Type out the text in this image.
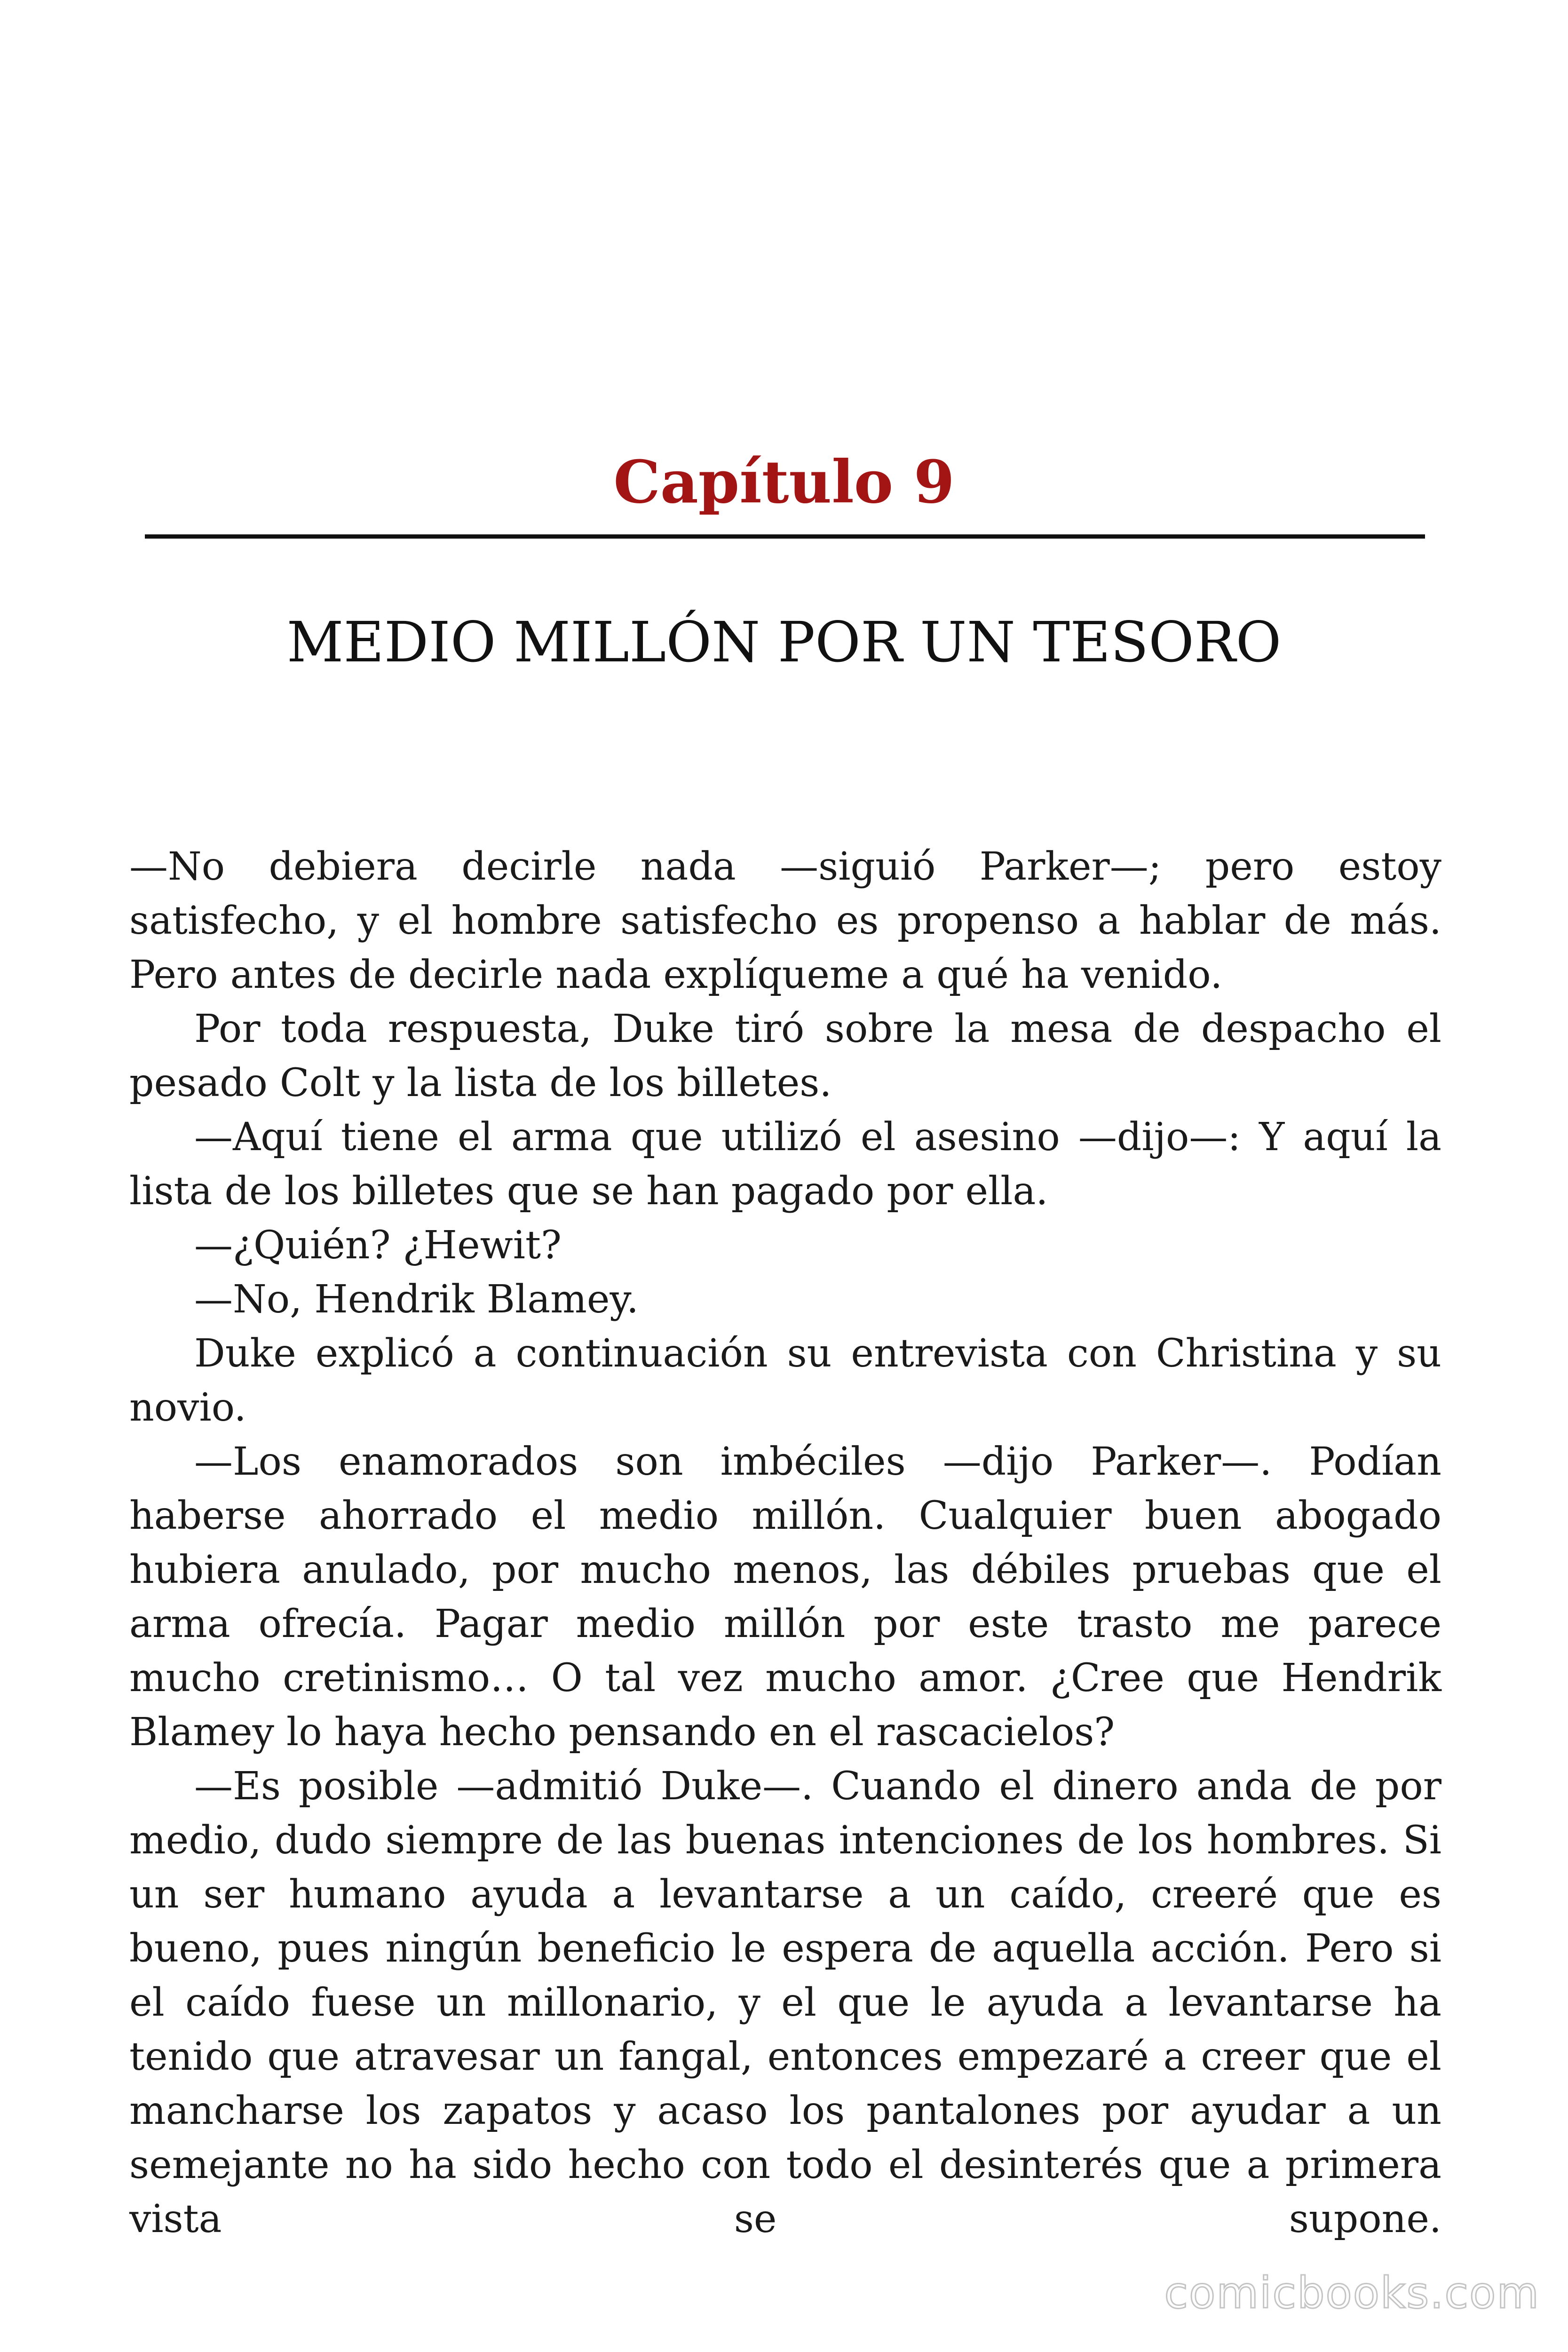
Capítulo 9
MEDIO MILLÓN POR UN TESORO

—No debiera decirle nada —siguió Parker—; pero estoy satisfecho, y el hombre satisfecho es propenso a hablar de más. Pero antes de decirle nada explíqueme a qué ha venido.

Por toda respuesta, Duke tiró sobre la mesa de despacho el pesado Colt y la lista de los billetes.

—Aquí tiene el arma que utilizó el asesino —dijo—: Y aquí la lista de los billetes que se han pagado por ella.

—¿Quién? ¿Hewit?

—No, Hendrik Blamey.

Duke explicó a continuación su entrevista con Christina y su novio.

—Los enamorados son imbéciles —dijo Parker—. Podían haberse ahorrado el medio millón. Cualquier buen abogado hubiera anulado, por mucho menos, las débiles pruebas que el arma ofrecía. Pagar medio millón por este trasto me parece mucho cretinismo… O tal vez mucho amor. ¿Cree que Hendrik Blamey lo haya hecho pensando en el rascacielos?

—Es posible —admitió Duke—. Cuando el dinero anda de por medio, dudo siempre de las buenas intenciones de los hombres. Si un ser humano ayuda a levantarse a un caído, creeré que es bueno, pues ningún beneficio le espera de aquella acción. Pero si el caído fuese un millonario, y el que le ayuda a levantarse ha tenido que atravesar un fangal, entonces empezaré a creer que el mancharse los zapatos y acaso los pantalones por ayudar a un semejante no ha sido hecho con todo el desinterés que a primera vista se supone.

comicbooks.com
